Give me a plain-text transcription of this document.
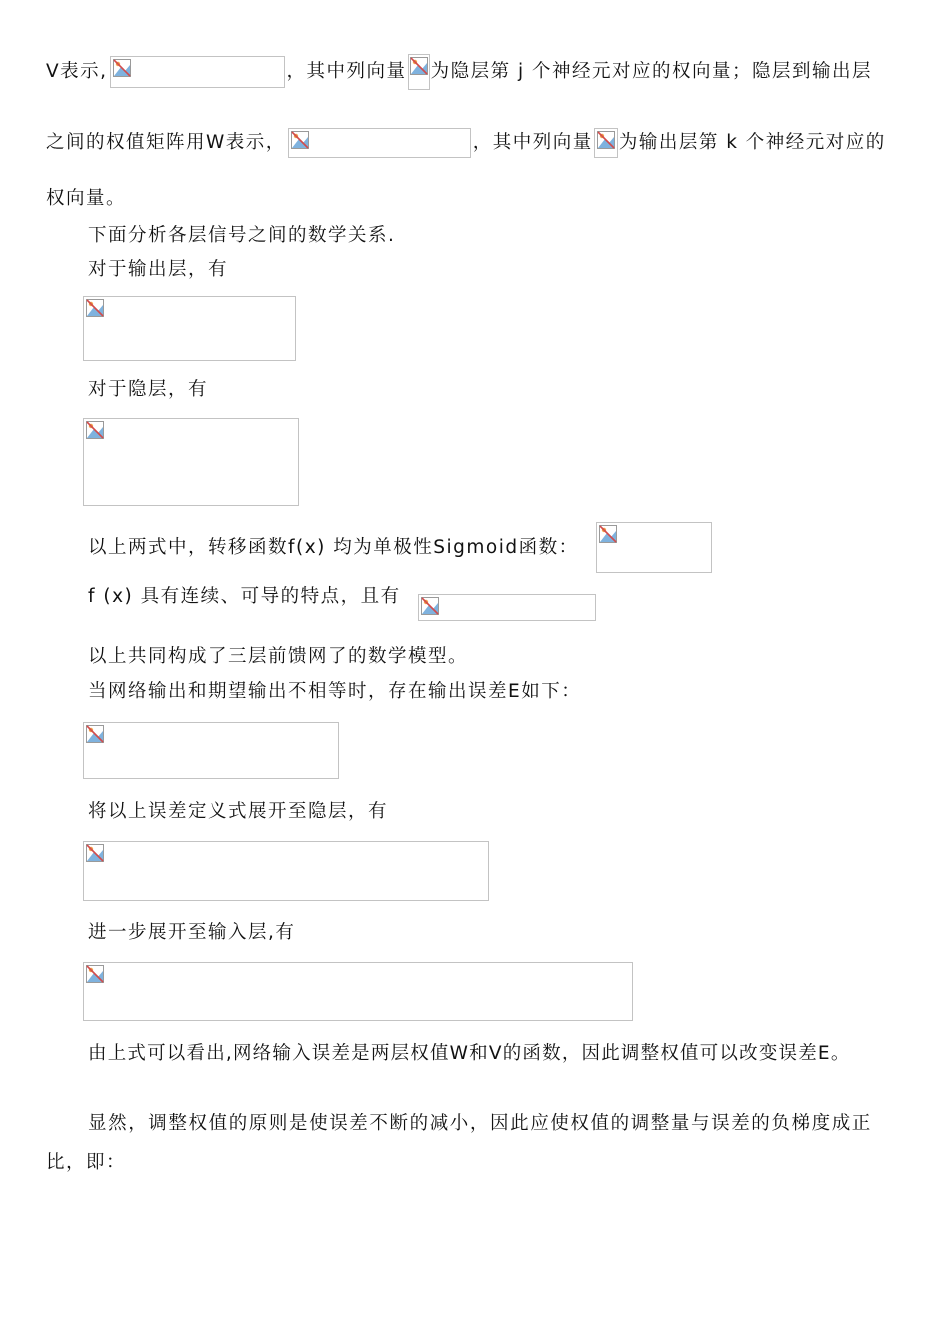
V表示,	，其中列向量 为隐层第 j 个神经元对应的权向量；隐层到输出层
之间的权值矩阵用W表示，	，其中列向量 为输出层第 k 个神经元对应的
权向量。
下面分析各层信号之间的数学关系.
对于输出层，有
对于隐层，有
以上两式中，转移函数f(x) 均为单极性Sigmoid函数：
f (x) 具有连续、可导的特点，且有
以上共同构成了三层前馈网了的数学模型。
当网络输出和期望输出不相等时，存在输出误差E如下：
将以上误差定义式展开至隐层，有
进一步展开至输入层,有
由上式可以看出,网络输入误差是两层权值W和V的函数，因此调整权值可以改变误差E。
显然，调整权值的原则是使误差不断的减小，因此应使权值的调整量与误差的负梯度成正
比，即：
